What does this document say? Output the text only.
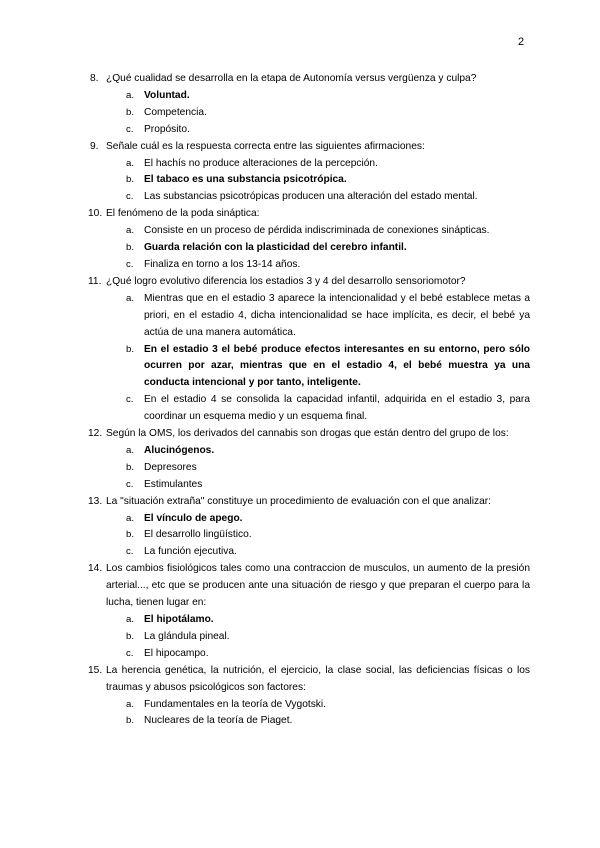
2
8. ¿Qué cualidad se desarrolla en la etapa de Autonomía versus vergüenza y culpa?
a. Voluntad.
b. Competencia.
c. Propósito.
9. Señale cuál es la respuesta correcta entre las siguientes afirmaciones:
a. El hachís no produce alteraciones de la percepción.
b. El tabaco es una substancia psicotrópica.
c. Las substancias psicotrópicas producen una alteración del estado mental.
10. El fenómeno de la poda sináptica:
a. Consiste en un proceso de pérdida indiscriminada de conexiones sinápticas.
b. Guarda relación con la plasticidad del cerebro infantil.
c. Finaliza en torno a los 13-14 años.
11. ¿Qué logro evolutivo diferencia los estadios 3 y 4 del desarrollo sensoriomotor?
a. Mientras que en el estadio 3 aparece la intencionalidad y el bebé establece metas a priori, en el estadio 4, dicha intencionalidad se hace implícita, es decir, el bebé ya actúa de una manera automática.
b. En el estadio 3 el bebé produce efectos interesantes en su entorno, pero sólo ocurren por azar, mientras que en el estadio 4, el bebé muestra ya una conducta intencional y por tanto, inteligente.
c. En el estadio 4 se consolida la capacidad infantil, adquirida en el estadio 3, para coordinar un esquema medio y un esquema final.
12. Según la OMS, los derivados del cannabis son drogas que están dentro del grupo de los:
a. Alucinógenos.
b. Depresores
c. Estimulantes
13. La "situación extraña" constituye un procedimiento de evaluación con el que analizar:
a. El vínculo de apego.
b. El desarrollo lingüístico.
c. La función ejecutiva.
14. Los cambios fisiológicos tales como una contraccion de musculos, un aumento de la presión arterial..., etc que se producen ante una situación de riesgo y que preparan el cuerpo para la lucha, tienen lugar en:
a. El hipotálamo.
b. La glándula pineal.
c. El hipocampo.
15. La herencia genética, la nutrición, el ejercicio, la clase social, las deficiencias físicas o los traumas y abusos psicológicos son factores:
a. Fundamentales en la teoría de Vygotski.
b. Nucleares de la teoría de Piaget.
